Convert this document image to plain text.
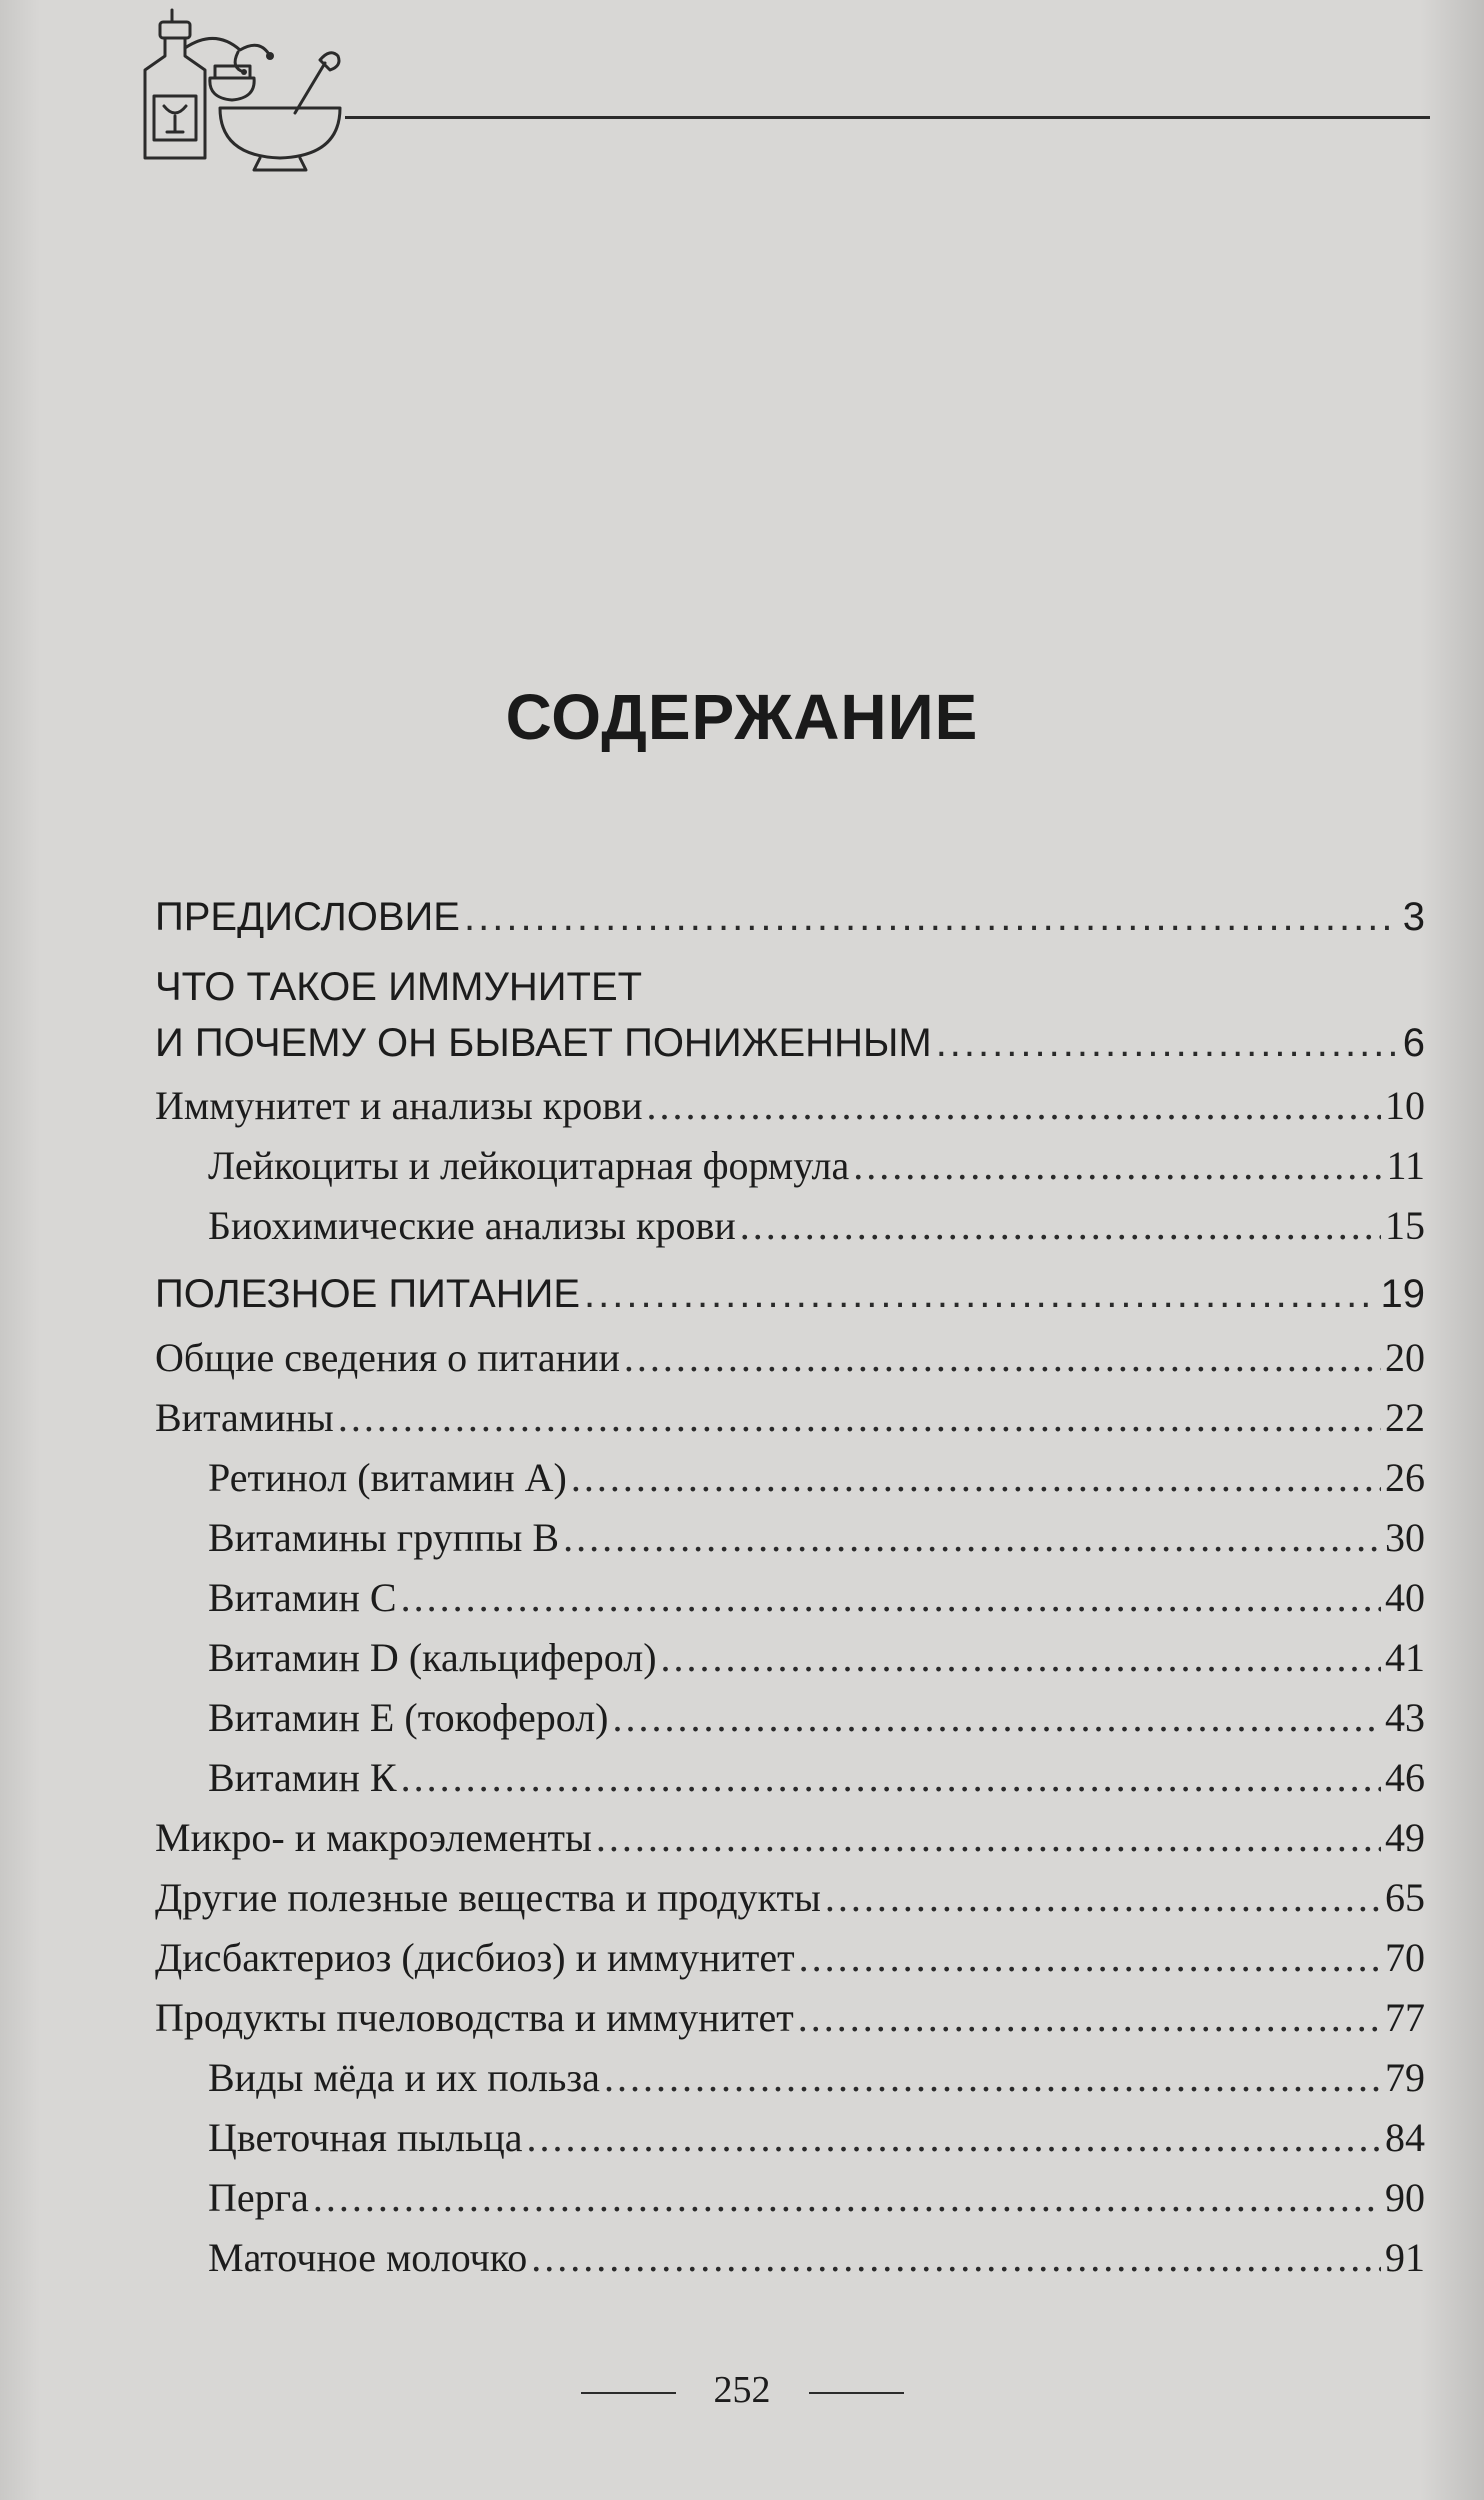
СОДЕРЖАНИЕ
ПРЕДИСЛОВИЕ .....	3
ЧТО ТАКОЕ ИММУНИТЕТ
И ПОЧЕМУ ОН БЫВАЕТ ПОНИЖЕННЫМ .....	6
Иммунитет и анализы крови .....	10
Лейкоциты и лейкоцитарная формула .....	11
Биохимические анализы крови .....	15
ПОЛЕЗНОЕ ПИТАНИЕ .....	19
Общие сведения о питании .....	20
Витамины .....	22
Ретинол (витамин А) .....	26
Витамины группы В .....	30
Витамин С .....	40
Витамин D (кальциферол) .....	41
Витамин Е (токоферол) .....	43
Витамин К .....	46
Микро- и макроэлементы .....	49
Другие полезные вещества и продукты .....	65
Дисбактериоз (дисбиоз) и иммунитет .....	70
Продукты пчеловодства и иммунитет .....	77
Виды мёда и их польза .....	79
Цветочная пыльца .....	84
Перга .....	90
Маточное молочко .....	91
252
